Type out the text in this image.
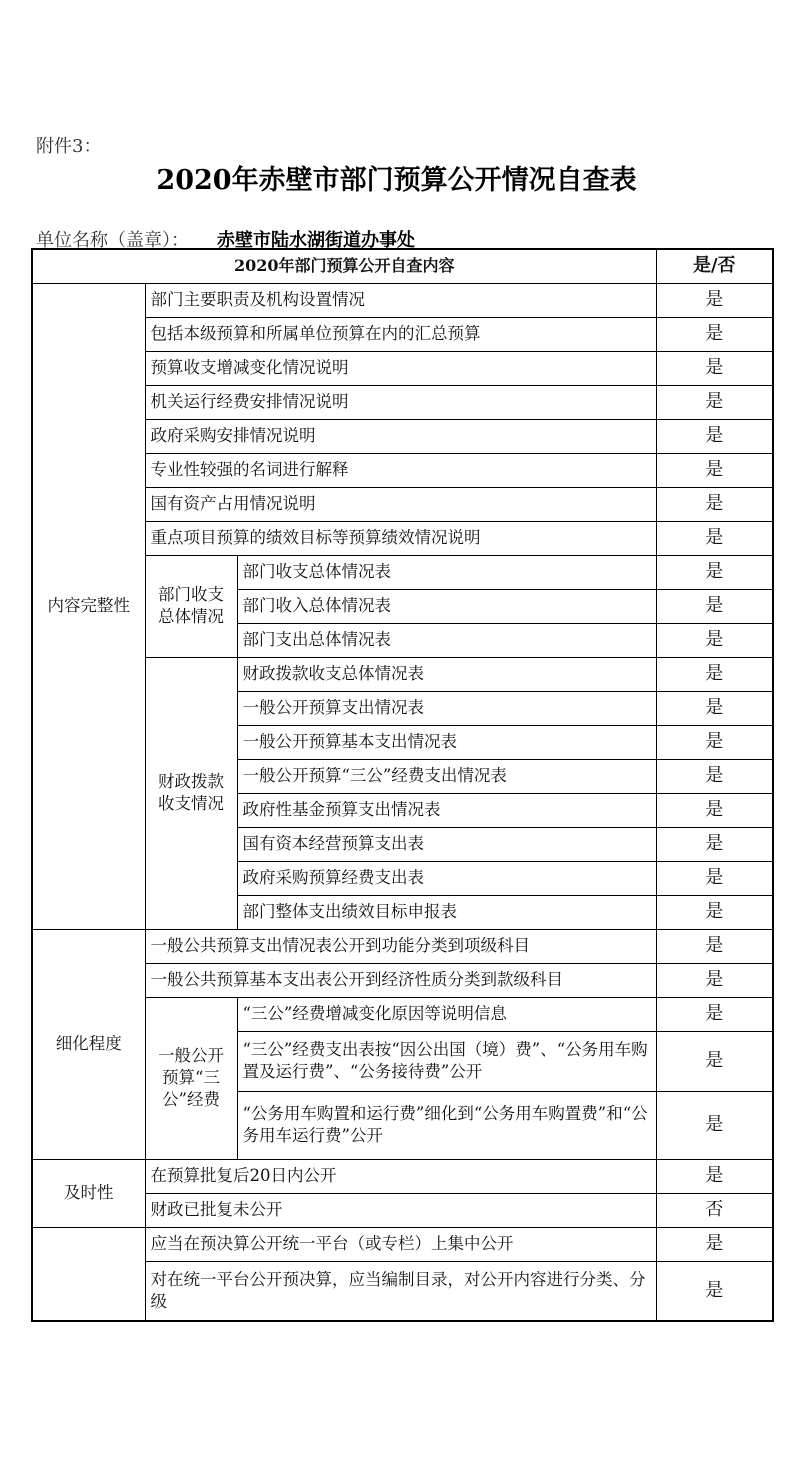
附件3：
2020年赤壁市部门预算公开情况自查表
单位名称（盖章）： 赤壁市陆水湖街道办事处
2020年部门预算公开自查内容			是/否
内容完整性	部门主要职责及机构设置情况		是
	包括本级预算和所属单位预算在内的汇总预算		是
	预算收支增减变化情况说明		是
	机关运行经费安排情况说明		是
	政府采购安排情况说明		是
	专业性较强的名词进行解释		是
	国有资产占用情况说明		是
	重点项目预算的绩效目标等预算绩效情况说明		是
	部门收支总体情况	部门收支总体情况表	是
		部门收入总体情况表	是
		部门支出总体情况表	是
	财政拨款收支情况	财政拨款收支总体情况表	是
		一般公开预算支出情况表	是
		一般公开预算基本支出情况表	是
		一般公开预算“三公”经费支出情况表	是
		政府性基金预算支出情况表	是
		国有资本经营预算支出表	是
		政府采购预算经费支出表	是
		部门整体支出绩效目标申报表	是
细化程度	一般公共预算支出情况表公开到功能分类到项级科目		是
	一般公共预算基本支出表公开到经济性质分类到款级科目		是
	一般公开预算“三公”经费	“三公”经费增减变化原因等说明信息	是
		“三公”经费支出表按“因公出国（境）费”、“公务用车购置及运行费”、“公务接待费”公开	是
		“公务用车购置和运行费”细化到“公务用车购置费”和“公务用车运行费”公开	是
及时性	在预算批复后20日内公开		是
	财政已批复未公开		否
	应当在预决算公开统一平台（或专栏）上集中公开		是
	对在统一平台公开预决算，应当编制目录，对公开内容进行分类、分级		是
